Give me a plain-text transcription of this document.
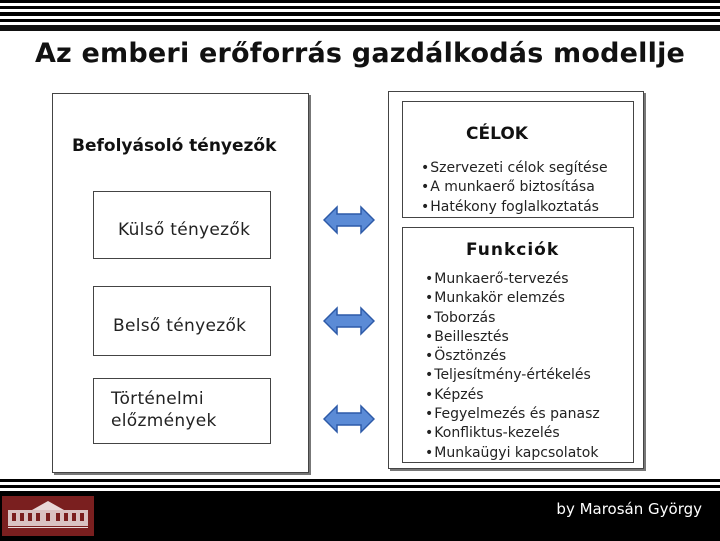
Az emberi erőforrás gazdálkodás modellje
Befolyásoló tényezők
Külső tényezők
Belső tényezők
Történelmi
előzmények
CÉLOK
• Szervezeti célok segítése
• A munkaerő biztosítása
• Hatékony foglalkoztatás
Funkciók
• Munkaerő-tervezés
• Munkakör elemzés
• Toborzás
• Beillesztés
• Ösztönzés
• Teljesítmény-értékelés
• Képzés
• Fegyelmezés és panasz
• Konfliktus-kezelés
• Munkaügyi kapcsolatok
by Marosán György
